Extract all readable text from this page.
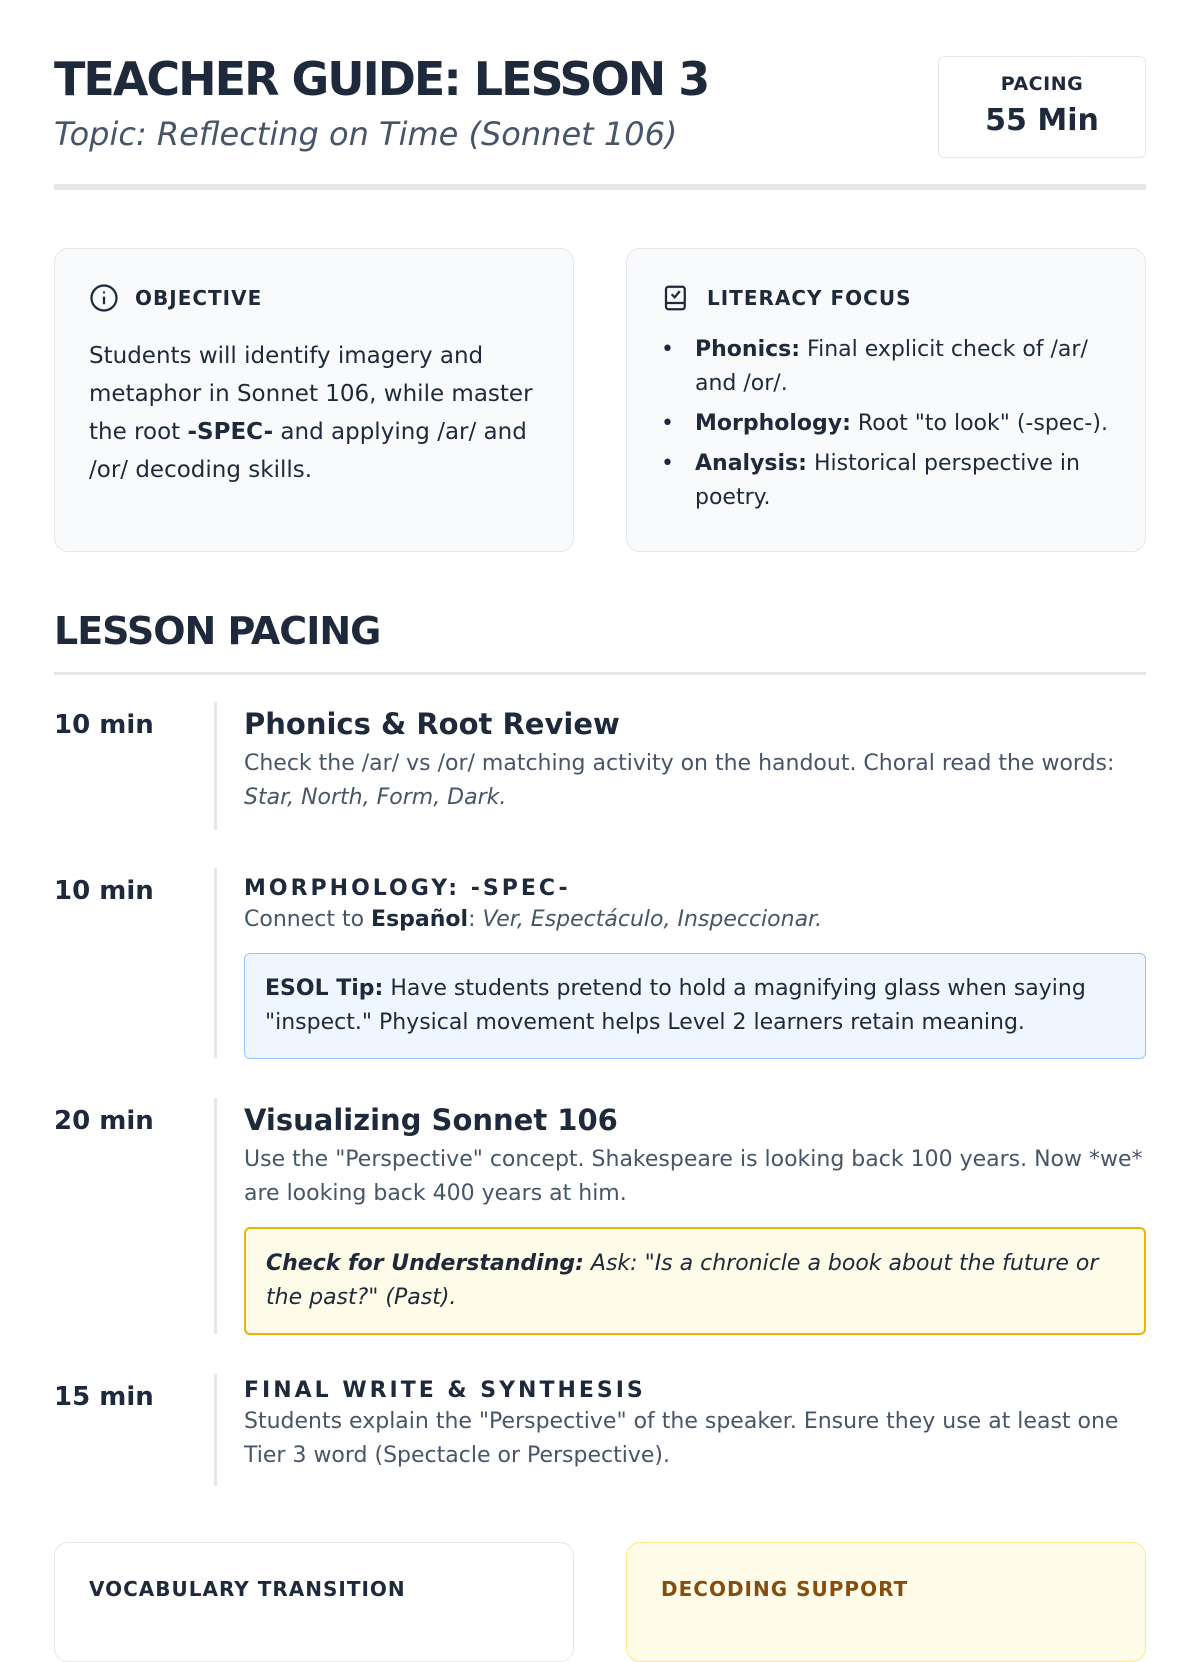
TEACHER GUIDE: LESSON 3

Topic: Reflecting on Time (Sonnet 106)

PACING
55 Min
OBJECTIVE
Students will identify imagery and metaphor in Sonnet 106, while master the root -SPEC- and applying /ar/ and /or/ decoding skills.
LITERACY FOCUS
• Phonics: Final explicit check of /ar/ and /or/.
• Morphology: Root "to look" (-spec-).
• Analysis: Historical perspective in poetry.
LESSON PACING
10 min	Phonics & Root Review
Check the /ar/ vs /or/ matching activity on the handout. Choral read the words: Star, North, Form, Dark.
10 min	MORPHOLOGY: -SPEC-
Connect to Español: Ver, Espectáculo, Inspeccionar.
ESOL Tip: Have students pretend to hold a magnifying glass when saying "inspect." Physical movement helps Level 2 learners retain meaning.
20 min	Visualizing Sonnet 106
Use the "Perspective" concept. Shakespeare is looking back 100 years. Now *we* are looking back 400 years at him.
Check for Understanding: Ask: "Is a chronicle a book about the future or the past?" (Past).
15 min	FINAL WRITE & SYNTHESIS
Students explain the "Perspective" of the speaker. Ensure they use at least one Tier 3 word (Spectacle or Perspective).
VOCABULARY TRANSITION	DECODING SUPPORT
